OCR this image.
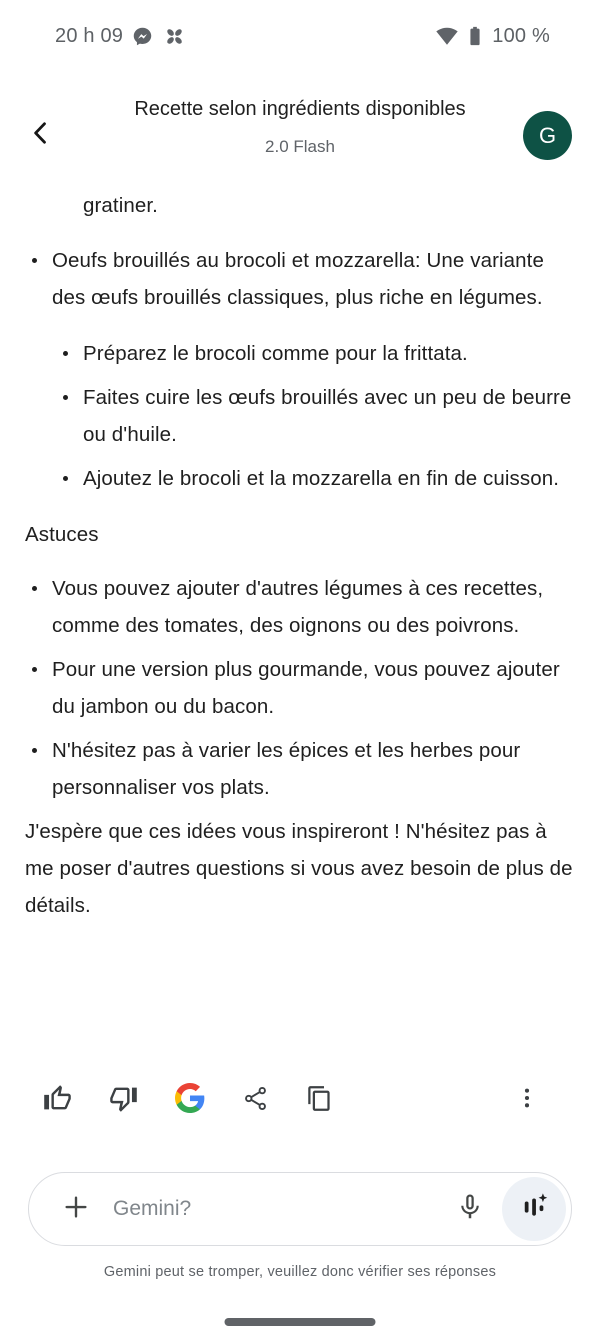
20 h 09	100 %
Recette selon ingrédients disponibles
2.0 Flash	G

gratiner.

Oeufs brouillés au brocoli et mozzarella: Une variante des œufs brouillés classiques, plus riche en légumes.
Préparez le brocoli comme pour la frittata.
Faites cuire les œufs brouillés avec un peu de beurre ou d'huile.
Ajoutez le brocoli et la mozzarella en fin de cuisson.

Astuces

Vous pouvez ajouter d'autres légumes à ces recettes, comme des tomates, des oignons ou des poivrons.
Pour une version plus gourmande, vous pouvez ajouter du jambon ou du bacon.
N'hésitez pas à varier les épices et les herbes pour personnaliser vos plats.

J'espère que ces idées vous inspireront ! N'hésitez pas à me poser d'autres questions si vous avez besoin de plus de détails.

Gemini?
Gemini peut se tromper, veuillez donc vérifier ses réponses
